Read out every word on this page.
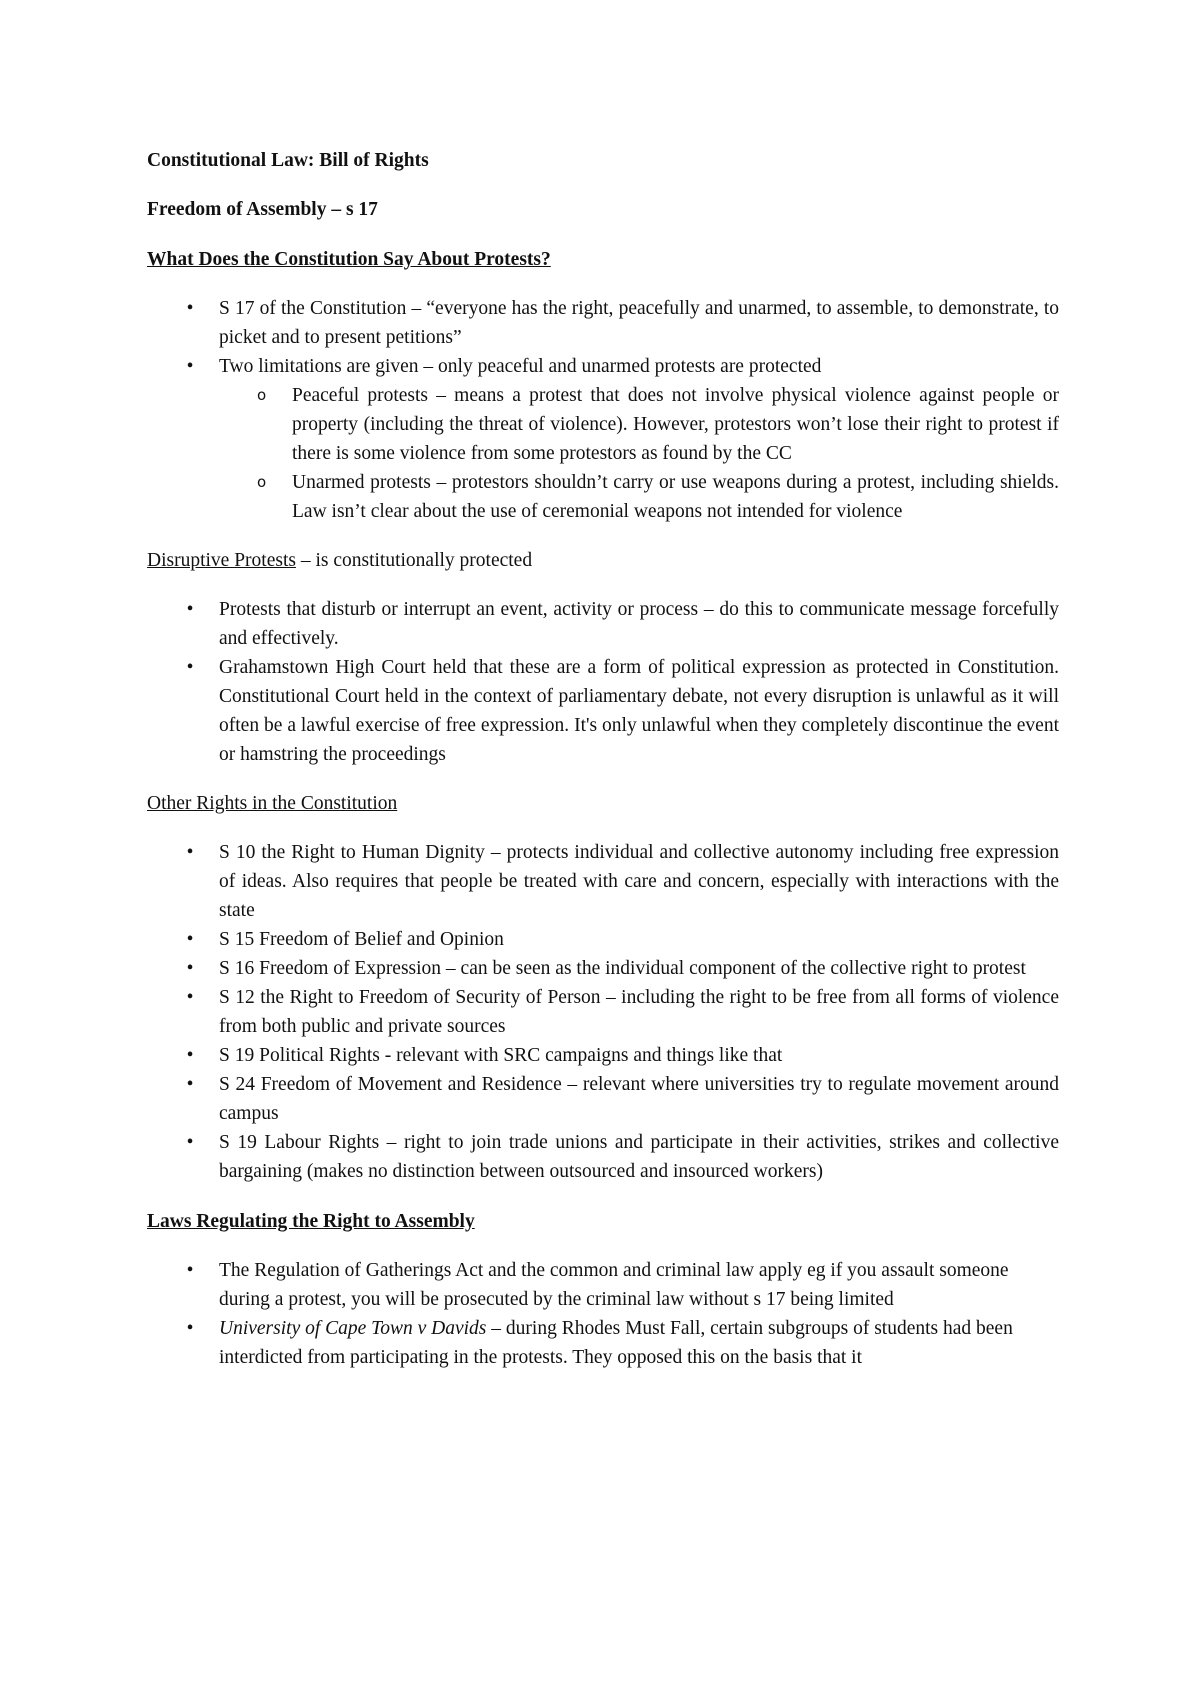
Constitutional Law: Bill of Rights

Freedom of Assembly – s 17

What Does the Constitution Say About Protests?

• S 17 of the Constitution – “everyone has the right, peacefully and unarmed, to assemble, to demonstrate, to picket and to present petitions”
• Two limitations are given – only peaceful and unarmed protests are protected
o Peaceful protests – means a protest that does not involve physical violence against people or property (including the threat of violence). However, protestors won’t lose their right to protest if there is some violence from some protestors as found by the CC
o Unarmed protests – protestors shouldn’t carry or use weapons during a protest, including shields. Law isn’t clear about the use of ceremonial weapons not intended for violence

Disruptive Protests – is constitutionally protected

• Protests that disturb or interrupt an event, activity or process – do this to communicate message forcefully and effectively.
• Grahamstown High Court held that these are a form of political expression as protected in Constitution. Constitutional Court held in the context of parliamentary debate, not every disruption is unlawful as it will often be a lawful exercise of free expression. It's only unlawful when they completely discontinue the event or hamstring the proceedings

Other Rights in the Constitution

• S 10 the Right to Human Dignity – protects individual and collective autonomy including free expression of ideas. Also requires that people be treated with care and concern, especially with interactions with the state
• S 15 Freedom of Belief and Opinion
• S 16 Freedom of Expression – can be seen as the individual component of the collective right to protest
• S 12 the Right to Freedom of Security of Person – including the right to be free from all forms of violence from both public and private sources
• S 19 Political Rights - relevant with SRC campaigns and things like that
• S 24 Freedom of Movement and Residence – relevant where universities try to regulate movement around campus
• S 19 Labour Rights – right to join trade unions and participate in their activities, strikes and collective bargaining (makes no distinction between outsourced and insourced workers)

Laws Regulating the Right to Assembly

• The Regulation of Gatherings Act and the common and criminal law apply eg if you assault someone during a protest, you will be prosecuted by the criminal law without s 17 being limited
• University of Cape Town v Davids – during Rhodes Must Fall, certain subgroups of students had been interdicted from participating in the protests. They opposed this on the basis that it
